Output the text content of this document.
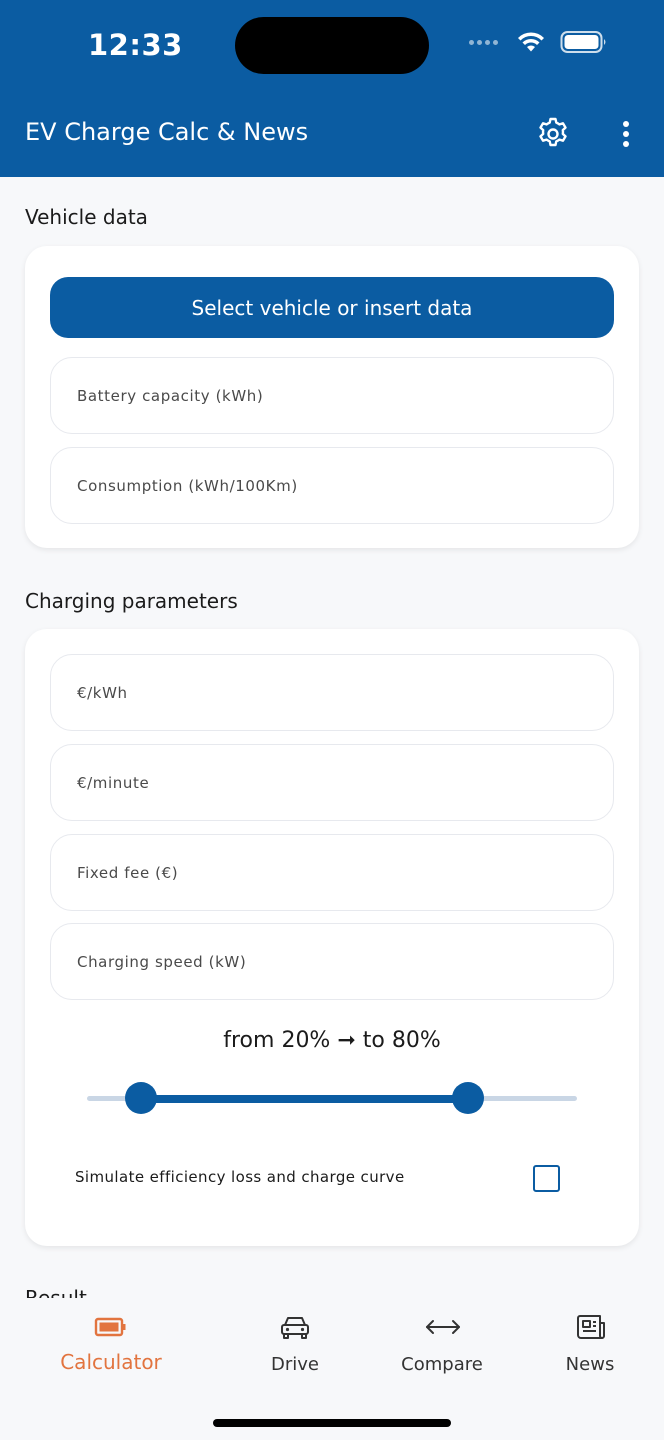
12:33
EV Charge Calc & News
Vehicle data
Select vehicle or insert data
Battery capacity (kWh)
Consumption (kWh/100Km)
Charging parameters
€/kWh
€/minute
Fixed fee (€)
Charging speed (kW)
from 20% ➞ to 80%
Simulate efficiency loss and charge curve
Calculator	Drive	Compare	News
